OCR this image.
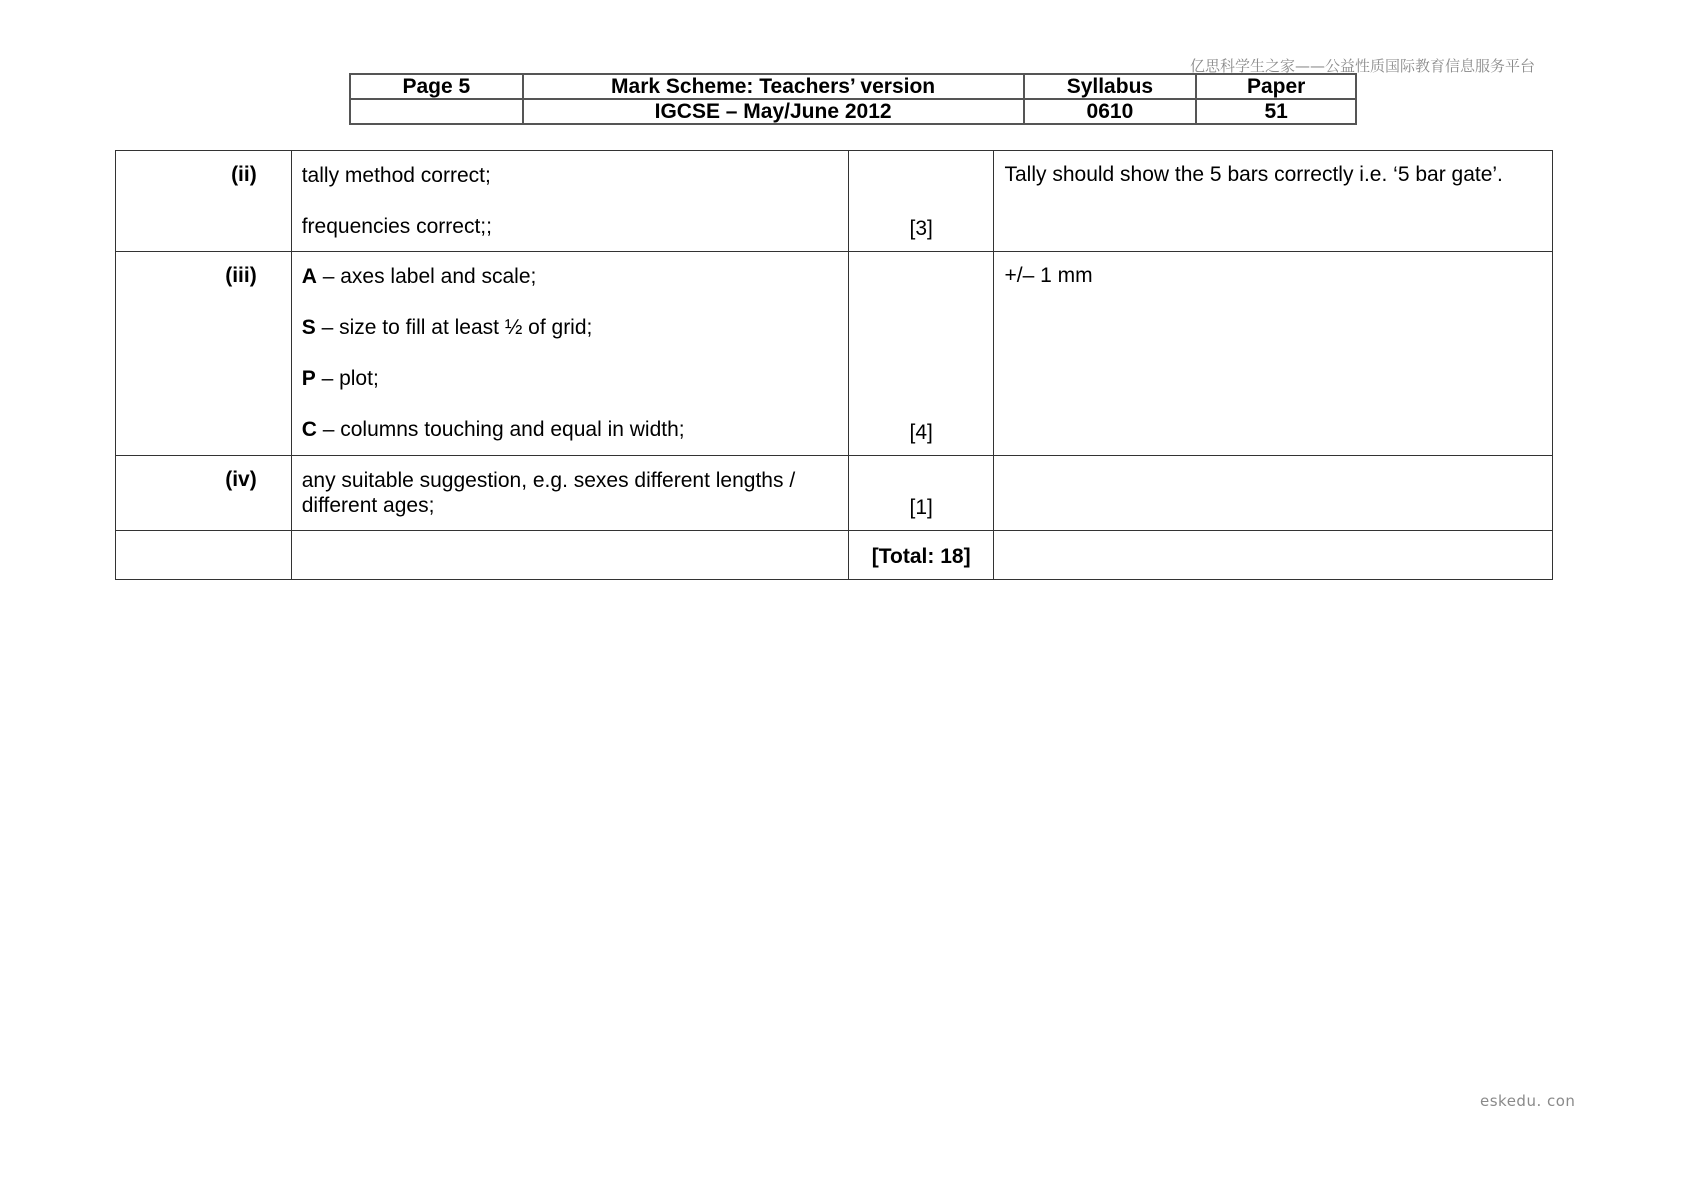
亿思科学生之家——公益性质国际教育信息服务平台
Page 5	Mark Scheme: Teachers’ version	Syllabus	Paper
	IGCSE – May/June 2012	0610	51
(ii)	tally method correct;
frequencies correct;;	[3]	Tally should show the 5 bars correctly i.e. ‘5 bar gate’.
(iii)	A – axes label and scale;
S – size to fill at least ½ of grid;
P – plot;
C – columns touching and equal in width;	[4]	+/– 1 mm
(iv)	any suitable suggestion, e.g. sexes different lengths /
different ages;	[1]	
		[Total: 18]	
eskedu. con
